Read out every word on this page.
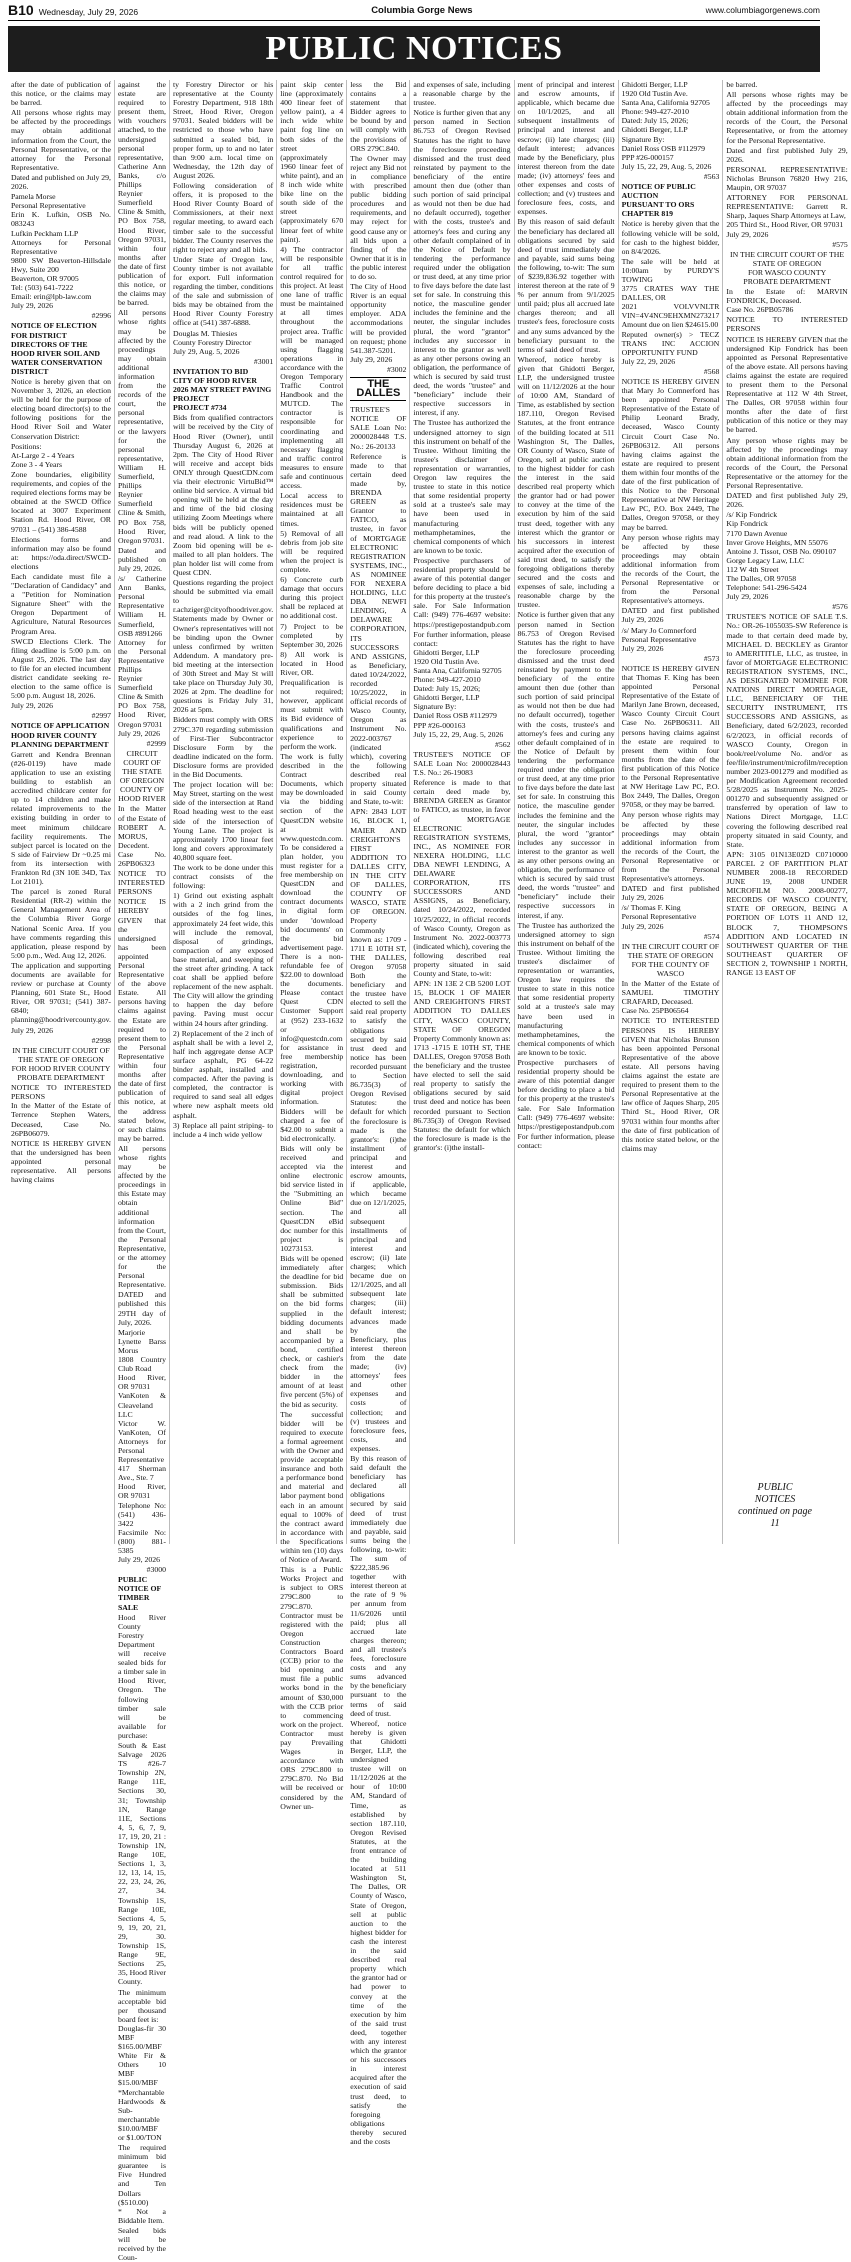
B10 Wednesday, July 29, 2026	Columbia Gorge News	www.columbiagorgenews.com
PUBLIC NOTICES

after the date of publication of this notice, or the claims may be barred.

All persons whose rights may be affected by the proceedings may obtain additional information from the Court, the Personal Representative, or the attorney for the Personal Representative.

Dated and published on July 29, 2026.

Pamela Morse
Personal Representative
Erin K. Lufkin, OSB No. 083243
Lufkin Peckham LLP
Attorneys for Personal Representative
9800 SW Beaverton-Hillsdale Hwy, Suite 200
Beaverton, OR 97005
Tel: (503) 641-7222
Email: erin@lpb-law.com
July 29, 2026

#2996

NOTICE OF ELECTION FOR DISTRICT DIRECTORS OF THE HOOD RIVER SOIL AND WATER CONSERVATION DISTRICT

Notice is hereby given that on November 3, 2026, an election will be held for the purpose of electing board director(s) to the following positions for the Hood River Soil and Water Conservation District:

Positions:
At-Large 2 - 4 Years
Zone 3 - 4 Years

Zone boundaries, eligibility requirements, and copies of the required elections forms may be obtained at the SWCD Office located at 3007 Experiment Station Rd. Hood River, OR 97031 – (541) 386-4588

Elections forms and information may also be found at: https://oda.direct/SWCD-elections

Each candidate must file a "Declaration of Candidacy" and a "Petition for Nomination Signature Sheet" with the Oregon Department of Agriculture, Natural Resources Program Area.

SWCD Elections Clerk. The filing deadline is 5:00 p.m. on August 25, 2026. The last day to file for an elected incumbent district candidate seeking re-election to the same office is 5:00 p.m. August 18, 2026.

July 29, 2026

#2997

NOTICE OF APPLICATION
HOOD RIVER COUNTY PLANNING DEPARTMENT

Garrett and Kendra Brennan (#26-0119) have made application to use an existing building to establish an accredited childcare center for up to 14 children and make related improvements to the existing building in order to meet minimum childcare facility requirements. The subject parcel is located on the S side of Fairview Dr ~0.25 mi from its intersection with Frankton Rd (3N 10E 34D, Tax Lot 2101).

The parcel is zoned Rural Residential (RR-2) within the General Management Area of the Columbia River Gorge National Scenic Area. If you have comments regarding this application, please respond by 5:00 p.m., Wed. Aug 12, 2026.

The application and supporting documents are available for review or purchase at County Planning, 601 State St., Hood River, OR 97031; (541) 387-6840; planning@hoodrivercounty.gov.

July 29, 2026

#2998

IN THE CIRCUIT COURT OF THE STATE OF OREGON FOR HOOD RIVER COUNTY
PROBATE DEPARTMENT

NOTICE TO INTERESTED PERSONS
In the Matter of the Estate of Terrence Stephen Waters, Deceased, Case No. 26PB06079.

NOTICE IS HEREBY GIVEN that the undersigned has been appointed personal representative. All persons having claims

against the estate are required to present them, with vouchers attached, to the undersigned personal representative, Catherine Ann Banks, c/o Phillips Reynier Sumerfield Cline & Smith, PO Box 758, Hood River, Oregon 97031, within four months after the date of first publication of this notice, or the claims may be barred.

All persons whose rights may be affected by the proceedings may obtain additional information from the records of the court, the personal representative, or the lawyers for the personal representative, William H. Sumerfield, Phillips Reynier Sumerfield Cline & Smith, PO Box 758, Hood River, Oregon 97031.

Dated and published on July 29, 2026.

/s/ Catherine Ann Banks, Personal Representative
William H. Sumerfield, OSB #891266
Attorney for the Personal Representative
Phillips Reynier Sumerfield Cline & Smith
PO Box 758, Hood River, Oregon 97031
July 29, 2026

#2999

CIRCUIT COURT OF THE STATE OF OREGON
COUNTY OF HOOD RIVER

In the Matter of the Estate of ROBERT A. MORUS, Decedent.
Case No. 26PB06323

NOTICE TO INTERESTED PERSONS

NOTICE IS HEREBY GIVEN that the undersigned has been appointed Personal Representative of the above Estate. All persons having claims against the Estate are required to present them to the Personal Representative within four months after the date of first publication of this notice, at the address stated below, or such claims may be barred.

All persons whose rights may be affected by the proceedings in this Estate may obtain additional information from the Court, the Personal Representative, or the attorney for the Personal Representative.

DATED and published this 29TH day of July, 2026.

Marjorie Lynette Barss Morus
1808 Country Club Road
Hood River, OR 97031
VanKoten & Cleaveland LLC
Victor W. VanKoten, Of Attorneys for Personal Representative
417 Sherman Ave., Ste. 7
Hood River, OR 97031
Telephone No: (541) 436-3422
Facsimile No: (800) 881-5385
July 29, 2026

#3000

PUBLIC NOTICE OF TIMBER SALE

Hood River County Forestry Department will receive sealed bids for a timber sale in Hood River, Oregon. The following timber sale will be available for purchase:

South & East Salvage 2026 TS #26-7 Township 2N, Range 11E, Sections 30, 31; Township 1N, Range 11E, Sections 4, 5, 6, 7, 9, 17, 19, 20, 21 : Township 1N, Range 10E, Sections 1, 3, 12, 13, 14, 15, 22, 23, 24, 26, 27, 34. Township 1S, Range 10E, Sections 4, 5, 9, 19, 20, 21, 29, 30. Township 1S, Range 9E, Sections 25, 35, Hood River County.

The minimum acceptable bid per thousand board feet is:
Douglas-fir 30 MBF $165.00/MBF
White Fir & Others 10 MBF $15.00/MBF
*Merchantable Hardwoods & Sub-merchantable $10.00/MBF or $1.00/TON

The required minimum bid guarantee is Five Hundred and Ten Dollars ($510.00)
* Not a Biddable Item.

Sealed bids will be received by the Coun-

ty Forestry Director or his representative at the County Forestry Department, 918 18th Street, Hood River, Oregon 97031. Sealed bidders will be restricted to those who have submitted a sealed bid, in proper form, up to and no later than 9:00 a.m. local time on Wednesday, the 12th day of August 2026.

Following consideration of offers, it is proposed to the Hood River County Board of Commissioners, at their next regular meeting, to award each timber sale to the successful bidder. The County reserves the right to reject any and all bids.

Under State of Oregon law, County timber is not available for export. Full information regarding the timber, conditions of the sale and submission of bids may be obtained from the Hood River County Forestry office at (541) 387-6888.

Douglas M. Thiesies
County Forestry Director
July 29, Aug. 5, 2026

#3001

INVITATION TO BID
CITY OF HOOD RIVER
2026 MAY STREET PAVING PROJECT
PROJECT #734

Bids from qualified contractors will be received by the City of Hood River (Owner), until Thursday August 6, 2026 at 2pm. The City of Hood River will receive and accept bids ONLY through QuestCDN.com via their electronic VirtuBid™ online bid service. A virtual bid opening will be held at the day and time of the bid closing utilizing Zoom Meetings where bids will be publicly opened and read aloud. A link to the Zoom bid opening will be e-mailed to all plan holders. The plan holder list will come from Quest CDN.

Questions regarding the project should be submitted via email to r.achziger@cityofhoodriver.gov. Statements made by Owner or Owner's representatives will not be binding upon the Owner unless confirmed by written Addendum. A mandatory pre-bid meeting at the intersection of 30th Street and May St will take place on Thursday July 30, 2026 at 2pm. The deadline for questions is Friday July 31, 2026 at 5pm.

Bidders must comply with ORS 279C.370 regarding submission of First-Tier Subcontractor Disclosure Form by the deadline indicated on the form. Disclosure forms are provided in the Bid Documents.

The project location will be: May Street, starting on the west side of the intersection at Rand Road heading west to the east side of the intersection of Young Lane. The project is approximately 1700 linear feet long and covers approximately 40,800 square feet.

The work to be done under this contract consists of the following:

1) Grind out existing asphalt with a 2 inch grind from the outsides of the fog lines, approximately 24 feet wide, this will include the removal, disposal of grindings, compaction of any exposed base material, and sweeping of the street after grinding. A tack coat shall be applied before replacement of the new asphalt. The City will allow the grinding to happen the day before paving. Paving must occur within 24 hours after grinding.

2) Replacement of the 2 inch of asphalt shall be with a level 2, half inch aggregate dense ACP surface asphalt, PG 64-22 binder asphalt, installed and compacted. After the paving is completed, the contractor is required to sand seal all edges where new asphalt meets old asphalt.

3) Replace all paint striping- to include a 4 inch wide yellow

paint skip center line (approximately 400 linear feet of yellow paint), a 4 inch wide white paint fog line on both sides of the street (approximately 1960 linear feet of white paint), and an 8 inch wide white bike line on the south side of the street (approximately 670 linear feet of white paint).

4) The contractor will be responsible for all traffic control required for this project. At least one lane of traffic must be maintained at all times throughout the project area. Traffic will be managed using flagging operations in accordance with the Oregon Temporary Traffic Control Handbook and the MUTCD. The contractor is responsible for coordinating and implementing all necessary flagging and traffic control measures to ensure safe and continuous access.

Local access to residences must be maintained at all times.

5) Removal of all debris from job site will be required when the project is complete.

6) Concrete curb damage that occurs during this project shall be replaced at no additional cost.

7) Project to be completed by September 30, 2026

8) All work is located in Hood River, OR.

Prequalification is not required; however, applicant must submit with its Bid evidence of qualifications and experience to perform the work.

The work is fully described in the Contract Documents, which may be downloaded via the bidding section of the QuestCDN website at www.questcdn.com. To be considered a plan holder, you must register for a free membership on QuestCDN and download the contract documents in digital form under 'download bid documents' on the bid advertisement page. There is a non-refundable fee of $22.00 to download the documents. Please contact Quest CDN Customer Support at (952) 233-1632 or info@questcdn.com for assistance in free membership registration, downloading, and working with digital project information. Bidders will be charged a fee of $42.00 to submit a bid electronically.

Bids will only be received and accepted via the online electronic bid service listed in the "Submitting an Online Bid" section. The QuestCDN eBid doc number for this project is 10273153.

Bids will be opened immediately after the deadline for bid submission. Bids shall be submitted on the bid forms supplied in the bidding documents and shall be accompanied by a bond, certified check, or cashier's check from the bidder in the amount of at least five percent (5%) of the bid as security.

The successful bidder will be required to execute a formal agreement with the Owner and provide acceptable insurance and both a performance bond and material and labor payment bond each in an amount equal to 100% of the contract award in accordance with the Specifications within ten (10) days of Notice of Award.

This is a Public Works Project and is subject to ORS 279C.800 to 279C.870. Contractor must be registered with the Oregon Construction Contractors Board (CCB) prior to the bid opening and must file a public works bond in the amount of $30,000 with the CCB prior to commencing work on the project. Contractor must pay Prevailing Wages in accordance with ORS 279C.800 to 279C.870. No Bid will be received or considered by the Owner un-

less the Bid contains a statement that Bidder agrees to be bound by and will comply with the provisions of ORS 279C.840.

The Owner may reject any Bid not in compliance with prescribed public bidding procedures and requirements, and may reject for good cause any or all bids upon a finding of the Owner that it is in the public interest to do so.

The City of Hood River is an equal opportunity employer. ADA accommodations will be provided on request; phone 541.387-5201.
July 29, 2026

#3002

THE DALLES

TRUSTEE'S NOTICE OF SALE Loan No: 2000028448 T.S. No.: 26-20133

Reference is made to that certain deed made by, BRENDA GREEN as Grantor to FATICO, as trustee, in favor of MORTGAGE ELECTRONIC REGISTRATION SYSTEMS, INC., AS NOMINEE FOR NEXERA HOLDING, LLC DBA NEWFI LENDING, A DELAWARE CORPORATION, ITS SUCCESSORS AND ASSIGNS, as Beneficiary, dated 10/24/2022, recorded 10/25/2022, in official records of Wasco County, Oregon as Instrument No. 2022-003767 (indicated which), covering the following described real property situated in said County and State, to-wit:

APN: 2843 LOT 16, BLOCK 1, MAIER AND CREIGHTON'S FIRST ADDITION TO DALLES CITY, IN THE CITY OF DALLES, COUNTY OF WASCO, STATE OF OREGON. Property Commonly known as: 1709 - 1711 E 10TH ST, THE DALLES, Oregon 97058 Both the beneficiary and the trustee have elected to sell the said real property to satisfy the obligations secured by said trust deed and notice has been recorded pursuant to Section 86.735(3) of Oregon Revised Statutes: the default for which the foreclosure is made is the grantor's: (i)the installment of principal and interest and escrow amounts, if applicable, which became due on 12/1/2025, and all subsequent installments of principal and interest and escrow; (ii) late charges; which became due on 12/1/2025, and all subsequent late charges; (iii) default interest; advances made by the Beneficiary, plus interest thereon from the date made; (iv) attorneys' fees and other expenses and costs of collection; and (v) trustees and foreclosure fees, costs, and expenses.

By this reason of said default the beneficiary has declared all obligations secured by said deed of trust immediately due and payable, said sums being the following, to-wit: The sum of $222,385.96 together with interest thereon at the rate of 9 % per annum from 11/6/2026 until paid; plus all accrued late charges thereon; and all trustee's fees, foreclosure costs and any sums advanced by the beneficiary pursuant to the terms of said deed of trust.

Whereof, notice hereby is given that Ghidotti Berger, LLP, the undersigned trustee will on 11/12/2026 at the hour of 10:00 AM, Standard of Time, as established by section 187.110, Oregon Revised Statutes, at the front entrance of the building located at 511 Washington St, The Dalles, OR County of Wasco, State of Oregon, sell at public auction to the highest bidder for cash the interest in the said described real property which the grantor had or had power to convey at the time of the execution by him of the said trust deed, together with any interest which the grantor or his successors in interest acquired after the execution of said trust deed, to satisfy the foregoing obligations thereby secured and the costs

and expenses of sale, including a reasonable charge by the trustee.

Notice is further given that any person named in Section 86.753 of Oregon Revised Statutes has the right to have the foreclosure proceeding dismissed and the trust deed reinstated by payment to the beneficiary of the entire amount then due (other than such portion of said principal as would not then be due had no default occurred), together with the costs, trustee's and attorney's fees and curing any other default complained of in the Notice of Default by tendering the performance required under the obligation or trust deed, at any time prior to five days before the date last set for sale. In construing this notice, the masculine gender includes the feminine and the neuter, the singular includes plural, the word "grantor" includes any successor in interest to the grantor as well as any other persons owing an obligation, the performance of which is secured by said trust deed, the words "trustee" and "beneficiary" include their respective successors in interest, if any.

The Trustee has authorized the undersigned attorney to sign this instrument on behalf of the Trustee. Without limiting the trustee's disclaimer of representation or warranties, Oregon law requires the trustee to state in this notice that some residential property sold at a trustee's sale may have been used in manufacturing methamphetamines, the chemical components of which are known to be toxic.

Prospective purchasers of residential property should be aware of this potential danger before deciding to place a bid for this property at the trustee's sale. For Sale Information Call: (949) 776-4697 website: https://prestigepostandpub.com

For further information, please contact:
Ghidotti Berger, LLP
1920 Old Tustin Ave.
Santa Ana, California 92705
Phone: 949-427-2010
Dated: July 15, 2026;
Ghidotti Berger, LLP
Signature By:
Daniel Ross OSB #112979
PPP #26-000163
July 15, 22, 29, Aug. 5, 2026

#562

TRUSTEE'S NOTICE OF SALE Loan No: 2000028443 T.S. No.: 26-19083

Reference is made to that certain deed made by, BRENDA GREEN as Grantor to FATICO, as trustee, in favor of MORTGAGE ELECTRONIC REGISTRATION SYSTEMS, INC., AS NOMINEE FOR NEXERA HOLDING, LLC DBA NEWFI LENDING, A DELAWARE CORPORATION, ITS SUCCESSORS AND ASSIGNS, as Beneficiary, dated 10/24/2022, recorded 10/25/2022, in official records of Wasco County, Oregon as Instrument No. 2022-003773 (indicated which), covering the following described real property situated in said County and State, to-wit:

APN: 1N 13E 2 CB 5200 LOT 15, BLOCK 1 OF MAIER AND CREIGHTON'S FIRST ADDITION TO DALLES CITY, WASCO COUNTY, STATE OF OREGON Property Commonly known as: 1713 -1715 E 10TH ST, THE DALLES, Oregon 97058 Both the beneficiary and the trustee have elected to sell the said real property to satisfy the obligations secured by said trust deed and notice has been recorded pursuant to Section 86.735(3) of Oregon Revised Statutes: the default for which the foreclosure is made is the grantor's: (i)the install-

ment of principal and interest and escrow amounts, if applicable, which became due on 10/1/2025, and all subsequent installments of principal and interest and escrow; (ii) late charges; (iii) default interest; advances made by the Beneficiary, plus interest thereon from the date made; (iv) attorneys' fees and other expenses and costs of collection; and (v) trustees and foreclosure fees, costs, and expenses.

By this reason of said default the beneficiary has declared all obligations secured by said deed of trust immediately due and payable, said sums being the following, to-wit: The sum of $239,836.92 together with interest thereon at the rate of 9 % per annum from 9/1/2025 until paid; plus all accrued late charges thereon; and all trustee's fees, foreclosure costs and any sums advanced by the beneficiary pursuant to the terms of said deed of trust.

Whereof, notice hereby is given that Ghidotti Berger, LLP, the undersigned trustee will on 11/12/2026 at the hour of 10:00 AM, Standard of Time, as established by section 187.110, Oregon Revised Statutes, at the front entrance of the building located at 511 Washington St, The Dalles, OR County of Wasco, State of Oregon, sell at public auction to the highest bidder for cash the interest in the said described real property which the grantor had or had power to convey at the time of the execution by him of the said trust deed, together with any interest which the grantor or his successors in interest acquired after the execution of said trust deed, to satisfy the foregoing obligations thereby secured and the costs and expenses of sale, including a reasonable charge by the trustee.

Notice is further given that any person named in Section 86.753 of Oregon Revised Statutes has the right to have the foreclosure proceeding dismissed and the trust deed reinstated by payment to the beneficiary of the entire amount then due (other than such portion of said principal as would not then be due had no default occurred), together with the costs, trustee's and attorney's fees and curing any other default complained of in the Notice of Default by tendering the performance required under the obligation or trust deed, at any time prior to five days before the date last set for sale. In construing this notice, the masculine gender includes the feminine and the neuter, the singular includes plural, the word "grantor" includes any successor in interest to the grantor as well as any other persons owing an obligation, the performance of which is secured by said trust deed, the words "trustee" and "beneficiary" include their respective successors in interest, if any.

The Trustee has authorized the undersigned attorney to sign this instrument on behalf of the Trustee. Without limiting the trustee's disclaimer of representation or warranties, Oregon law requires the trustee to state in this notice that some residential property sold at a trustee's sale may have been used in manufacturing methamphetamines, the chemical components of which are known to be toxic.

Prospective purchasers of residential property should be aware of this potential danger before deciding to place a bid for this property at the trustee's sale. For Sale Information Call: (949) 776-4697 website: https://prestigepostandpub.com

For further information, please contact:

Ghidotti Berger, LLP
1920 Old Tustin Ave.
Santa Ana, California 92705
Phone: 949-427-2010
Dated: July 15, 2026;
Ghidotti Berger, LLP
Signature By:
Daniel Ross OSB #112979
PPP #26-000157
July 15, 22, 29, Aug. 5, 2026

#563

NOTICE OF PUBLIC AUCTION
PURSUANT TO ORS CHAPTER 819

Notice is hereby given that the following vehicle will be sold, for cash to the highest bidder, on 8/4/2026.

The sale will be held at 10:00am by PURDY'S TOWING
3775 CRATES WAY THE DALLES, OR
2021 VOLVVNLTR VIN=4V4NC9EHXMN273217
Amount due on lien $24615.00
Reputed owner(s) > TECZ TRANS INC ACCION OPPORTUNITY FUND
July 22, 29, 2026

#568

NOTICE IS HEREBY GIVEN that Mary Jo Comnerford has been appointed Personal Representative of the Estate of Philip Leonard Brady, deceased, Wasco County Circuit Court Case No. 26PB06312. All persons having claims against the estate are required to present them within four months of the date of the first publication of this Notice to the Personal Representative at NW Heritage Law PC, P.O. Box 2449, The Dalles, Oregon 97058, or they may be barred.

Any person whose rights may be affected by these proceedings may obtain additional information from the records of the Court, the Personal Representative or from the Personal Representative's attorneys.

DATED and first published July 29, 2026

/s/ Mary Jo Comnerford
Personal Representative
July 29, 2026

#573

NOTICE IS HEREBY GIVEN that Thomas F. King has been appointed Personal Representative of the Estate of Marilyn Jane Brown, deceased, Wasco County Circuit Court Case No. 26PB06311. All persons having claims against the estate are required to present them within four months from the date of the first publication of this Notice to the Personal Representative at NW Heritage Law PC, P.O. Box 2449, The Dalles, Oregon 97058, or they may be barred.

Any person whose rights may be affected by these proceedings may obtain additional information from the records of the Court, the Personal Representative or from the Personal Representative's attorneys.

DATED and first published July 29, 2026

/s/ Thomas F. King
Personal Representative
July 29, 2026

#574

IN THE CIRCUIT COURT OF THE STATE OF OREGON FOR THE COUNTY OF WASCO

In the Matter of the Estate of SAMUEL TIMOTHY CRAFARD, Deceased.
Case No. 25PB06564

NOTICE TO INTERESTED PERSONS IS HEREBY GIVEN that Nicholas Brunson has been appointed Personal Representative of the above estate. All persons having claims against the estate are required to present them to the Personal Representative at the law office of Jaques Sharp, 205 Third St., Hood River, OR 97031 within four months after the date of first publication of this notice stated below, or the claims may

be barred.

All persons whose rights may be affected by the proceedings may obtain additional information from the records of the Court, the Personal Representative, or from the attorney for the Personal Representative.

Dated and first published July 29, 2026.

PERSONAL REPRESENTATIVE: Nicholas Brunson 76820 Hwy 216, Maupin, OR 97037

ATTORNEY FOR PERSONAL REPRESENTATIVE: Garrett R. Sharp, Jaques Sharp Attorneys at Law,
205 Third St., Hood River, OR 97031
July 29, 2026

#575

IN THE CIRCUIT COURT OF THE STATE OF OREGON
FOR WASCO COUNTY
PROBATE DEPARTMENT

In the Estate of: MARVIN FONDRICK, Deceased.
Case No. 26PB05786

NOTICE TO INTERESTED PERSONS

NOTICE IS HEREBY GIVEN that the undersigned Kip Fondrick has been appointed as Personal Representative of the above estate. All persons having claims against the estate are required to present them to the Personal Representative at 112 W 4th Street, The Dalles, OR 97058 within four months after the date of first publication of this notice or they may be barred.

Any person whose rights may be affected by the proceedings may obtain additional information from the records of the Court, the Personal Representative or the attorney for the Personal Representative.

DATED and first published July 29, 2026.

/s/ Kip Fondrick
Kip Fondrick
7170 Dawn Avenue
Inver Grove Heights, MN 55076
Antoine J. Tissot, OSB No. 090107
Gorge Legacy Law, LLC
112 W 4th Street
The Dalles, OR 97058
Telephone: 541-296-5424
July 29, 2026

#576

TRUSTEE'S NOTICE OF SALE T.S. No.: OR-26-1055035-SW Reference is made to that certain deed made by, MICHAEL D. BECKLEY as Grantor to AMERITITLE, LLC, as trustee, in favor of MORTGAGE ELECTRONIC REGISTRATION SYSTEMS, INC., AS DESIGNATED NOMINEE FOR NATIONS DIRECT MORTGAGE, LLC, BENEFICIARY OF THE SECURITY INSTRUMENT, ITS SUCCESSORS AND ASSIGNS, as Beneficiary, dated 6/2/2023, recorded 6/2/2023, in official records of WASCO County, Oregon in book/reel/volume No. and/or as fee/file/instrument/microfilm/reception number 2023-001279 and modified as per Modification Agreement recorded 5/28/2025 as Instrument No. 2025-001270 and subsequently assigned or transferred by operation of law to Nations Direct Mortgage, LLC covering the following described real property situated in said County, and State.

APN: 3105 01N13E02D C0710000 PARCEL 2 OF PARTITION PLAT NUMBER 2008-18 RECORDED JUNE 19, 2008 UNDER MICROFILM NO. 2008-00277, RECORDS OF WASCO COUNTY, STATE OF OREGON, BEING A PORTION OF LOTS 11 AND 12, BLOCK 7, THOMPSON'S ADDITION AND LOCATED IN SOUTHWEST QUARTER OF THE SOUTHEAST QUARTER OF SECTION 2, TOWNSHIP 1 NORTH, RANGE 13 EAST OF

PUBLIC NOTICES continued on page 11
